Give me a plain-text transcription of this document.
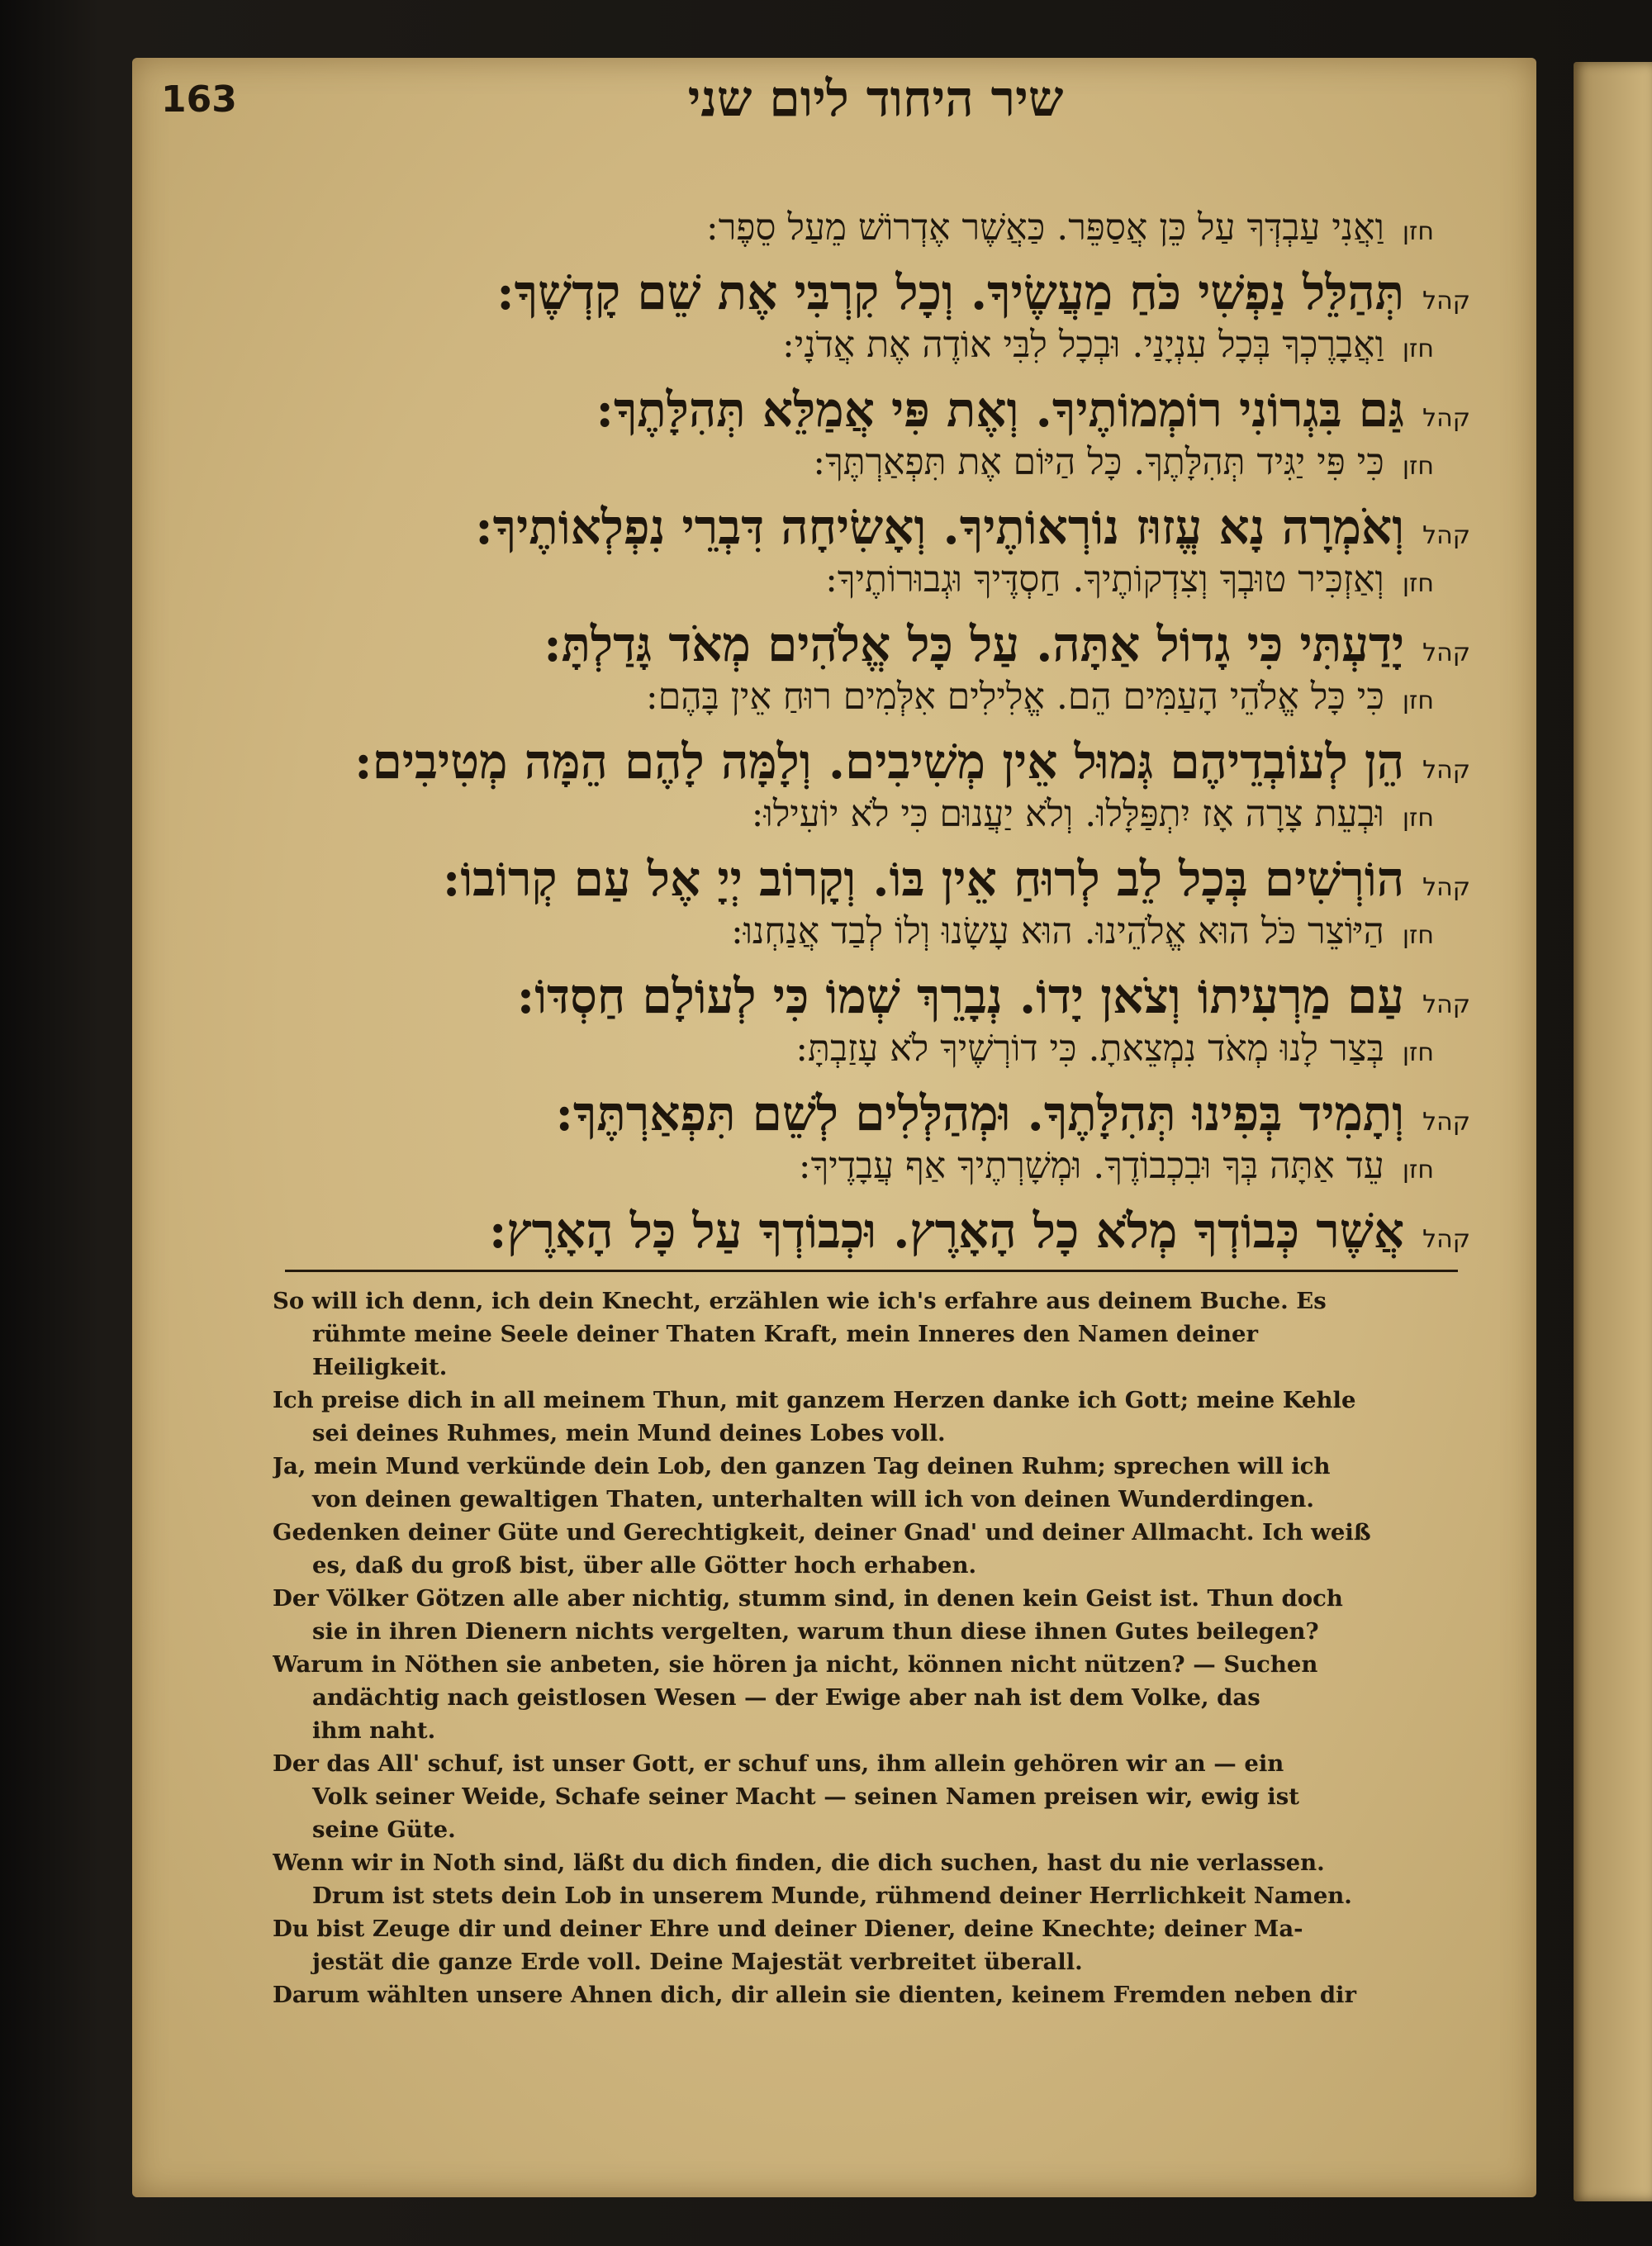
163	שיר היחוד ליום שני
חזן
וַאֲנִי עַבְדְּךָ עַל כֵּן אֲסַפֵּר. כַּאֲשֶׁר אֶדְרוֹשׁ מֵעַל סֵפֶר:
קהל
תְּהַלֵּל נַפְשִׁי כֹּחַ מַעֲשֶׂיךָ. וְכָל קִרְבִּי אֶת שֵׁם קָדְשֶׁךָ:
חזן
וַאֲבָרֶכְךָ בְּכָל עִנְיָנַי. וּבְכָל לִבִּי אוֹדֶה אֶת אֲדֹנָי:
קהל
גַּם בִּגְרוֹנִי רוֹמְמוֹתֶיךָ. וְאֶת פִּי אֲמַלֵּא תְּהִלָּתֶךָ:
חזן
כִּי פִּי יַגִּיד תְּהִלָּתֶךָ. כָּל הַיּוֹם אֶת תִּפְאַרְתֶּךָ:
קהל
וְאֹמְרָה נָא עֱזוּז נוֹרְאוֹתֶיךָ. וְאָשִׂיחָה דִּבְרֵי נִפְלְאוֹתֶיךָ:
חזן
וְאַזְכִּיר טוּבְךָ וְצִדְקוֹתֶיךָ. חַסְדֶּיךָ וּגְבוּרוֹתֶיךָ:
קהל
יָדַעְתִּי כִּי גָדוֹל אַתָּה. עַל כָּל אֱלֹהִים מְאֹד גָּדַלְתָּ:
חזן
כִּי כָּל אֱלֹהֵי הָעַמִּים הֵם. אֱלִילִים אִלְּמִים רוּחַ אֵין בָּהֶם:
קהל
הֵן לְעוֹבְדֵיהֶם גְּמוּל אֵין מְשִׁיבִים. וְלָמָּה לָהֶם הֵמָּה מְטִיבִים:
חזן
וּבְעֵת צָרָה אָז יִתְפַּלָּלוּ. וְלֹא יַעֲנוּם כִּי לֹא יוֹעִילוּ:
קהל
הוֹרְשִׁים בְּכָל לֵב לְרוּחַ אֵין בּוֹ. וְקָרוֹב יְיָ אֶל עַם קְרוֹבוֹ:
חזן
הַיּוֹצֵר כֹּל הוּא אֱלֹהֵינוּ. הוּא עָשָׂנוּ וְלוֹ לְבַד אֲנַחְנוּ:
קהל
עַם מַרְעִיתוֹ וְצֹאן יָדוֹ. נְבָרֵךְ שְׁמוֹ כִּי לְעוֹלָם חַסְדּוֹ:
חזן
בְּצַר לָנוּ מְאֹד נִמְצֵאתָ. כִּי דוֹרְשֶׁיךָ לֹא עָזַבְתָּ:
קהל
וְתָמִיד בְּפִינוּ תְּהִלָּתֶךָ. וּמְהַלְּלִים לְשֵׁם תִּפְאַרְתֶּךָ:
חזן
עֵד אַתָּה בְּךָ וּבִכְבוֹדֶךָ. וּמְשָׁרְתֶיךָ אַף עֲבָדֶיךָ:
קהל
אֲשֶׁר כְּבוֹדְךָ מְלֹא כָל הָאָרֶץ. וּכְבוֹדְךָ עַל כָּל הָאָרֶץ:
So will ich denn, ich dein Knecht, erzählen wie ich's erfahre aus deinem Buche. Es
rühmte meine Seele deiner Thaten Kraft, mein Inneres den Namen deiner
Heiligkeit.
Ich preise dich in all meinem Thun, mit ganzem Herzen danke ich Gott; meine Kehle
sei deines Ruhmes, mein Mund deines Lobes voll.
Ja, mein Mund verkünde dein Lob, den ganzen Tag deinen Ruhm; sprechen will ich
von deinen gewaltigen Thaten, unterhalten will ich von deinen Wunderdingen.
Gedenken deiner Güte und Gerechtigkeit, deiner Gnad' und deiner Allmacht. Ich weiß
es, daß du groß bist, über alle Götter hoch erhaben.
Der Völker Götzen alle aber nichtig, stumm sind, in denen kein Geist ist. Thun doch
sie in ihren Dienern nichts vergelten, warum thun diese ihnen Gutes beilegen?
Warum in Nöthen sie anbeten, sie hören ja nicht, können nicht nützen? — Suchen
andächtig nach geistlosen Wesen — der Ewige aber nah ist dem Volke, das
ihm naht.
Der das All' schuf, ist unser Gott, er schuf uns, ihm allein gehören wir an — ein
Volk seiner Weide, Schafe seiner Macht — seinen Namen preisen wir, ewig ist
seine Güte.
Wenn wir in Noth sind, läßt du dich finden, die dich suchen, hast du nie verlassen.
Drum ist stets dein Lob in unserem Munde, rühmend deiner Herrlichkeit Namen.
Du bist Zeuge dir und deiner Ehre und deiner Diener, deine Knechte; deiner Ma-
jestät die ganze Erde voll. Deine Majestät verbreitet überall.
Darum wählten unsere Ahnen dich, dir allein sie dienten, keinem Fremden neben dir
